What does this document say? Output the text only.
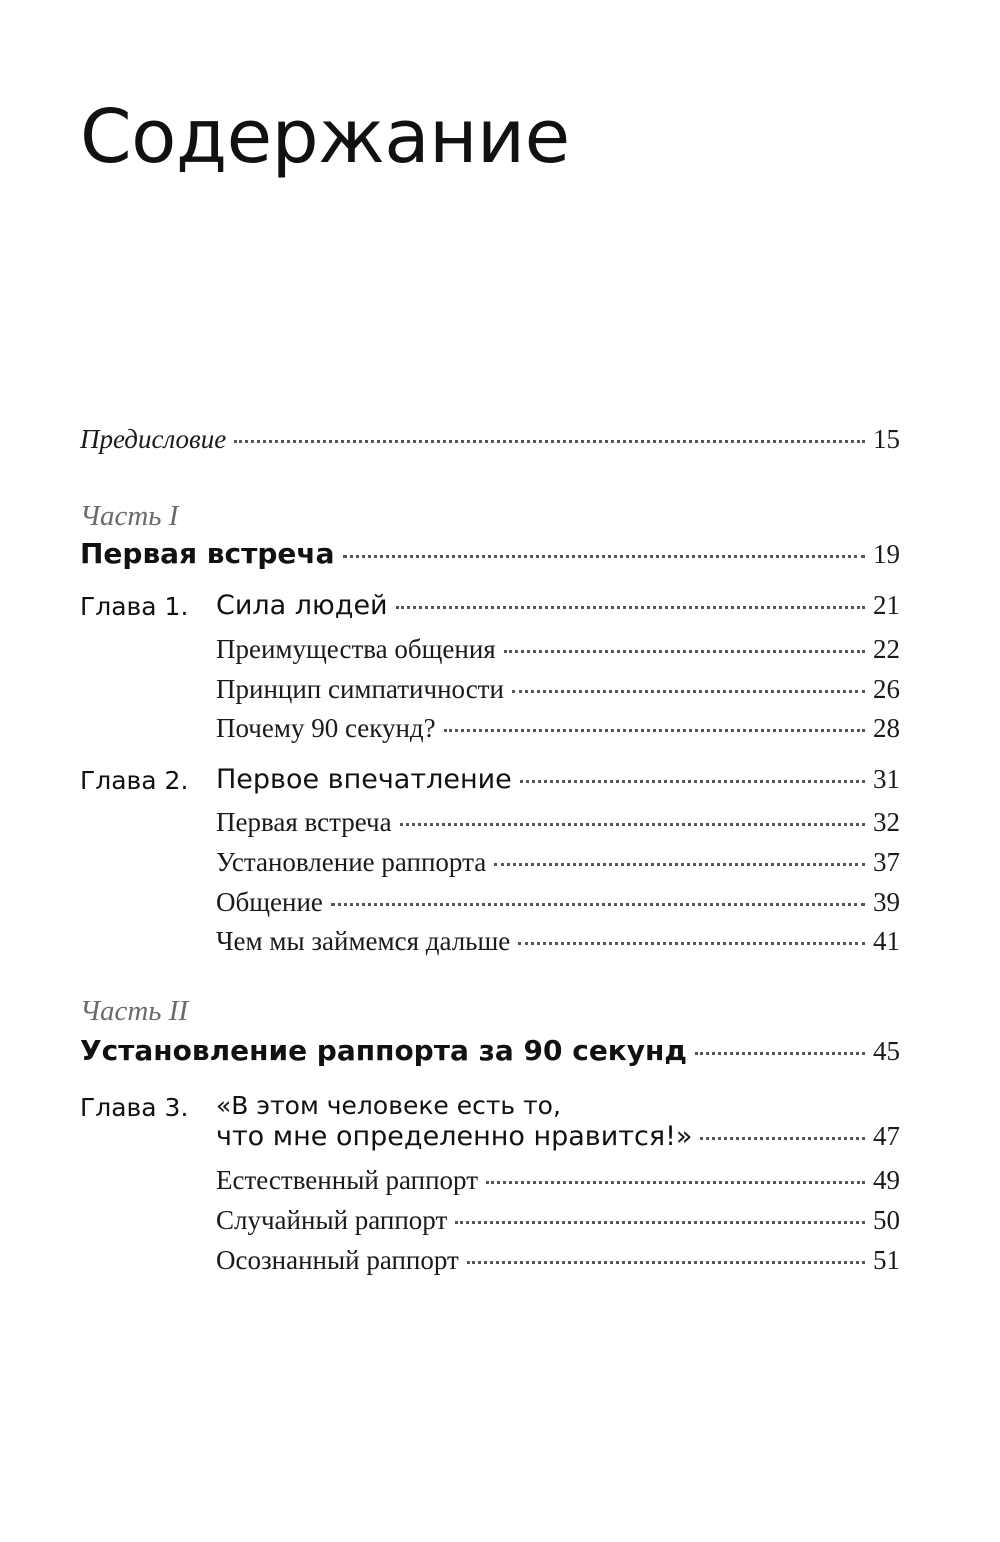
Содержание
Предисловие	15
Часть I
Первая встреча	19
Глава 1. Сила людей	21
Преимущества общения	22
Принцип симпатичности	26
Почему 90 секунд?	28
Глава 2. Первое впечатление	31
Первая встреча	32
Установление раппорта	37
Общение	39
Чем мы займемся дальше	41
Часть II
Установление раппорта за 90 секунд	45
Глава 3. «В этом человеке есть то,
что мне определенно нравится!»	47
Естественный раппорт	49
Случайный раппорт	50
Осознанный раппорт	51
